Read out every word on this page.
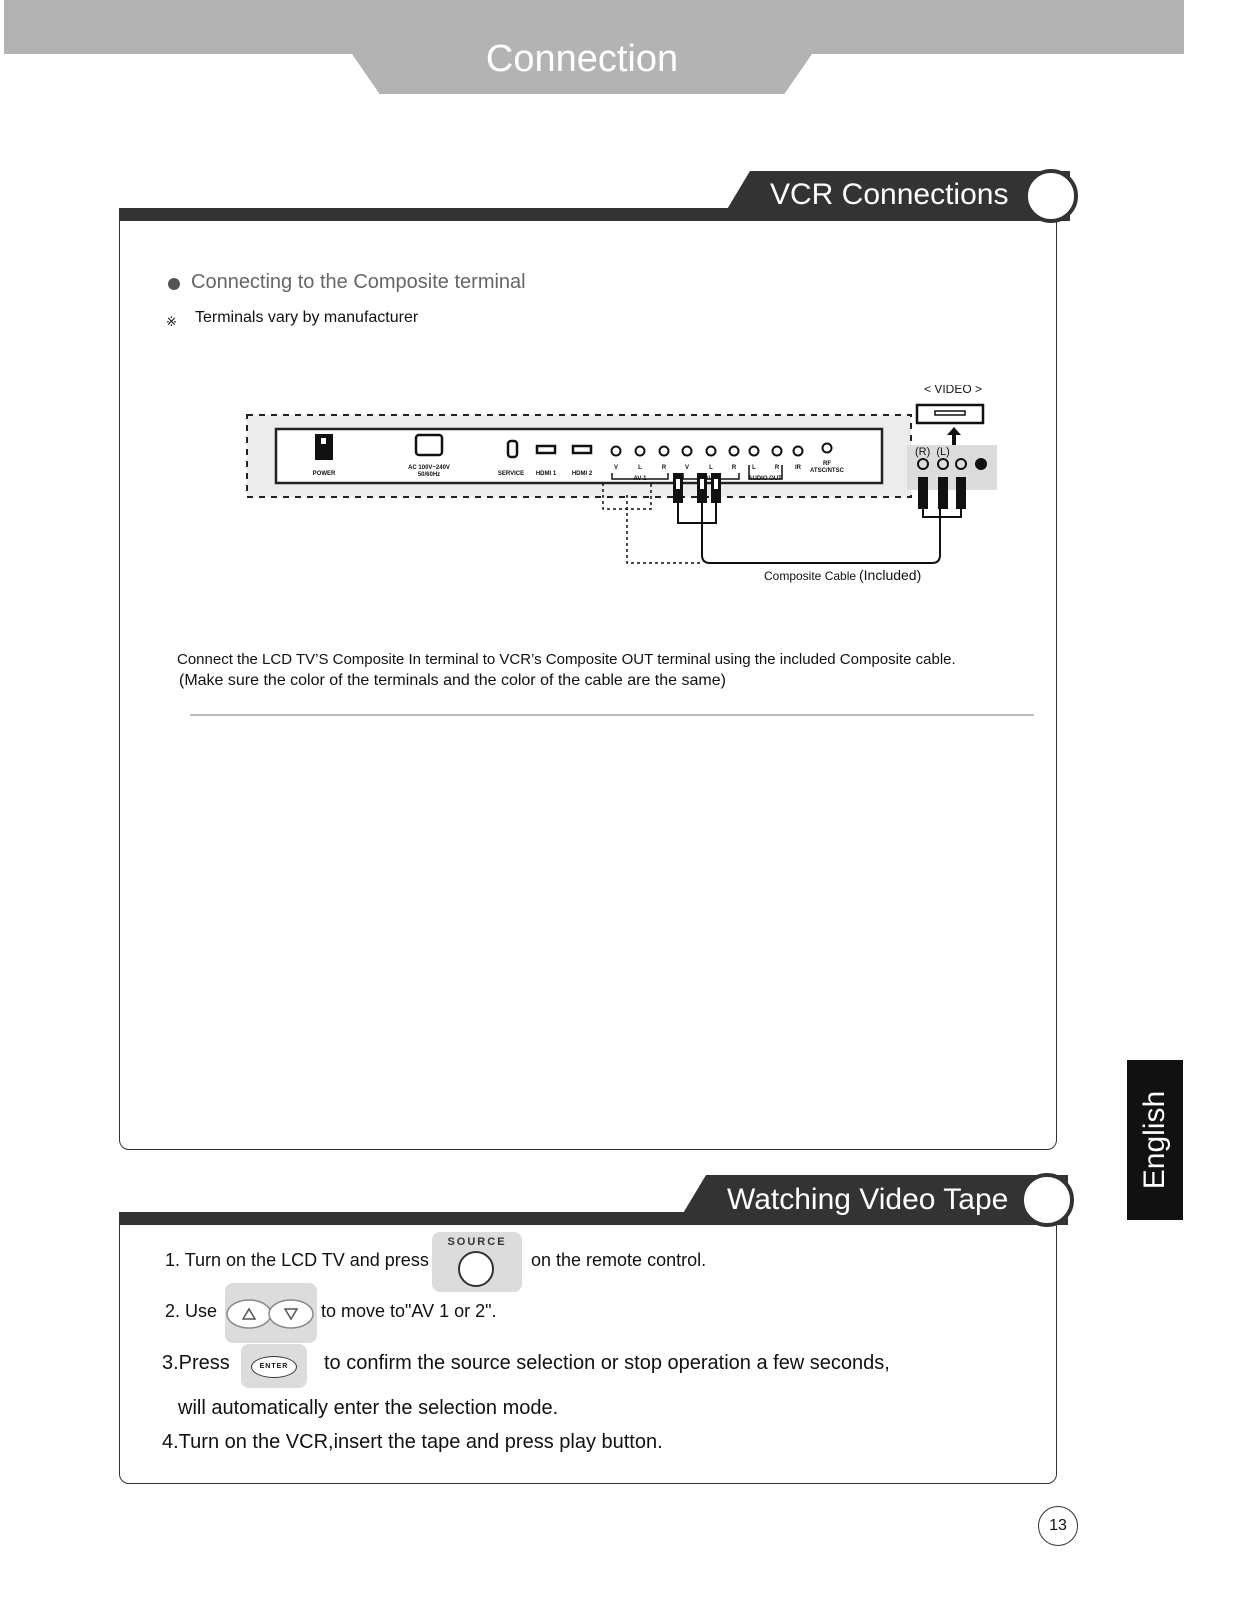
Connection
VCR Connections
Connecting to the Composite terminal
※ Terminals vary by manufacturer
POWER
AC 100V~240V
50/60Hz	SERVICE HDMI 1	HDMI 2
V	L	R
AV 1
V	L	R
AV
L	R
AUDIO OUT
IR
RF
ATSC/NTSC
< VIDEO >
(R)  (L)
Composite Cable (Included)
Connect the LCD TV’S Composite In terminal to VCR’s Composite OUT terminal using the included Composite cable.
(Make sure the color of the terminals and the color of the cable are the same)
Watching Video Tape
1. Turn on the LCD TV and press
SOURCE
on the remote control.
2. Use	to move to"AV 1 or 2".
3.Press	ENTER	to confirm the source selection or stop operation a few seconds,
will automatically enter the selection mode.
4.Turn on the VCR,insert the tape and press play button.
English
13
